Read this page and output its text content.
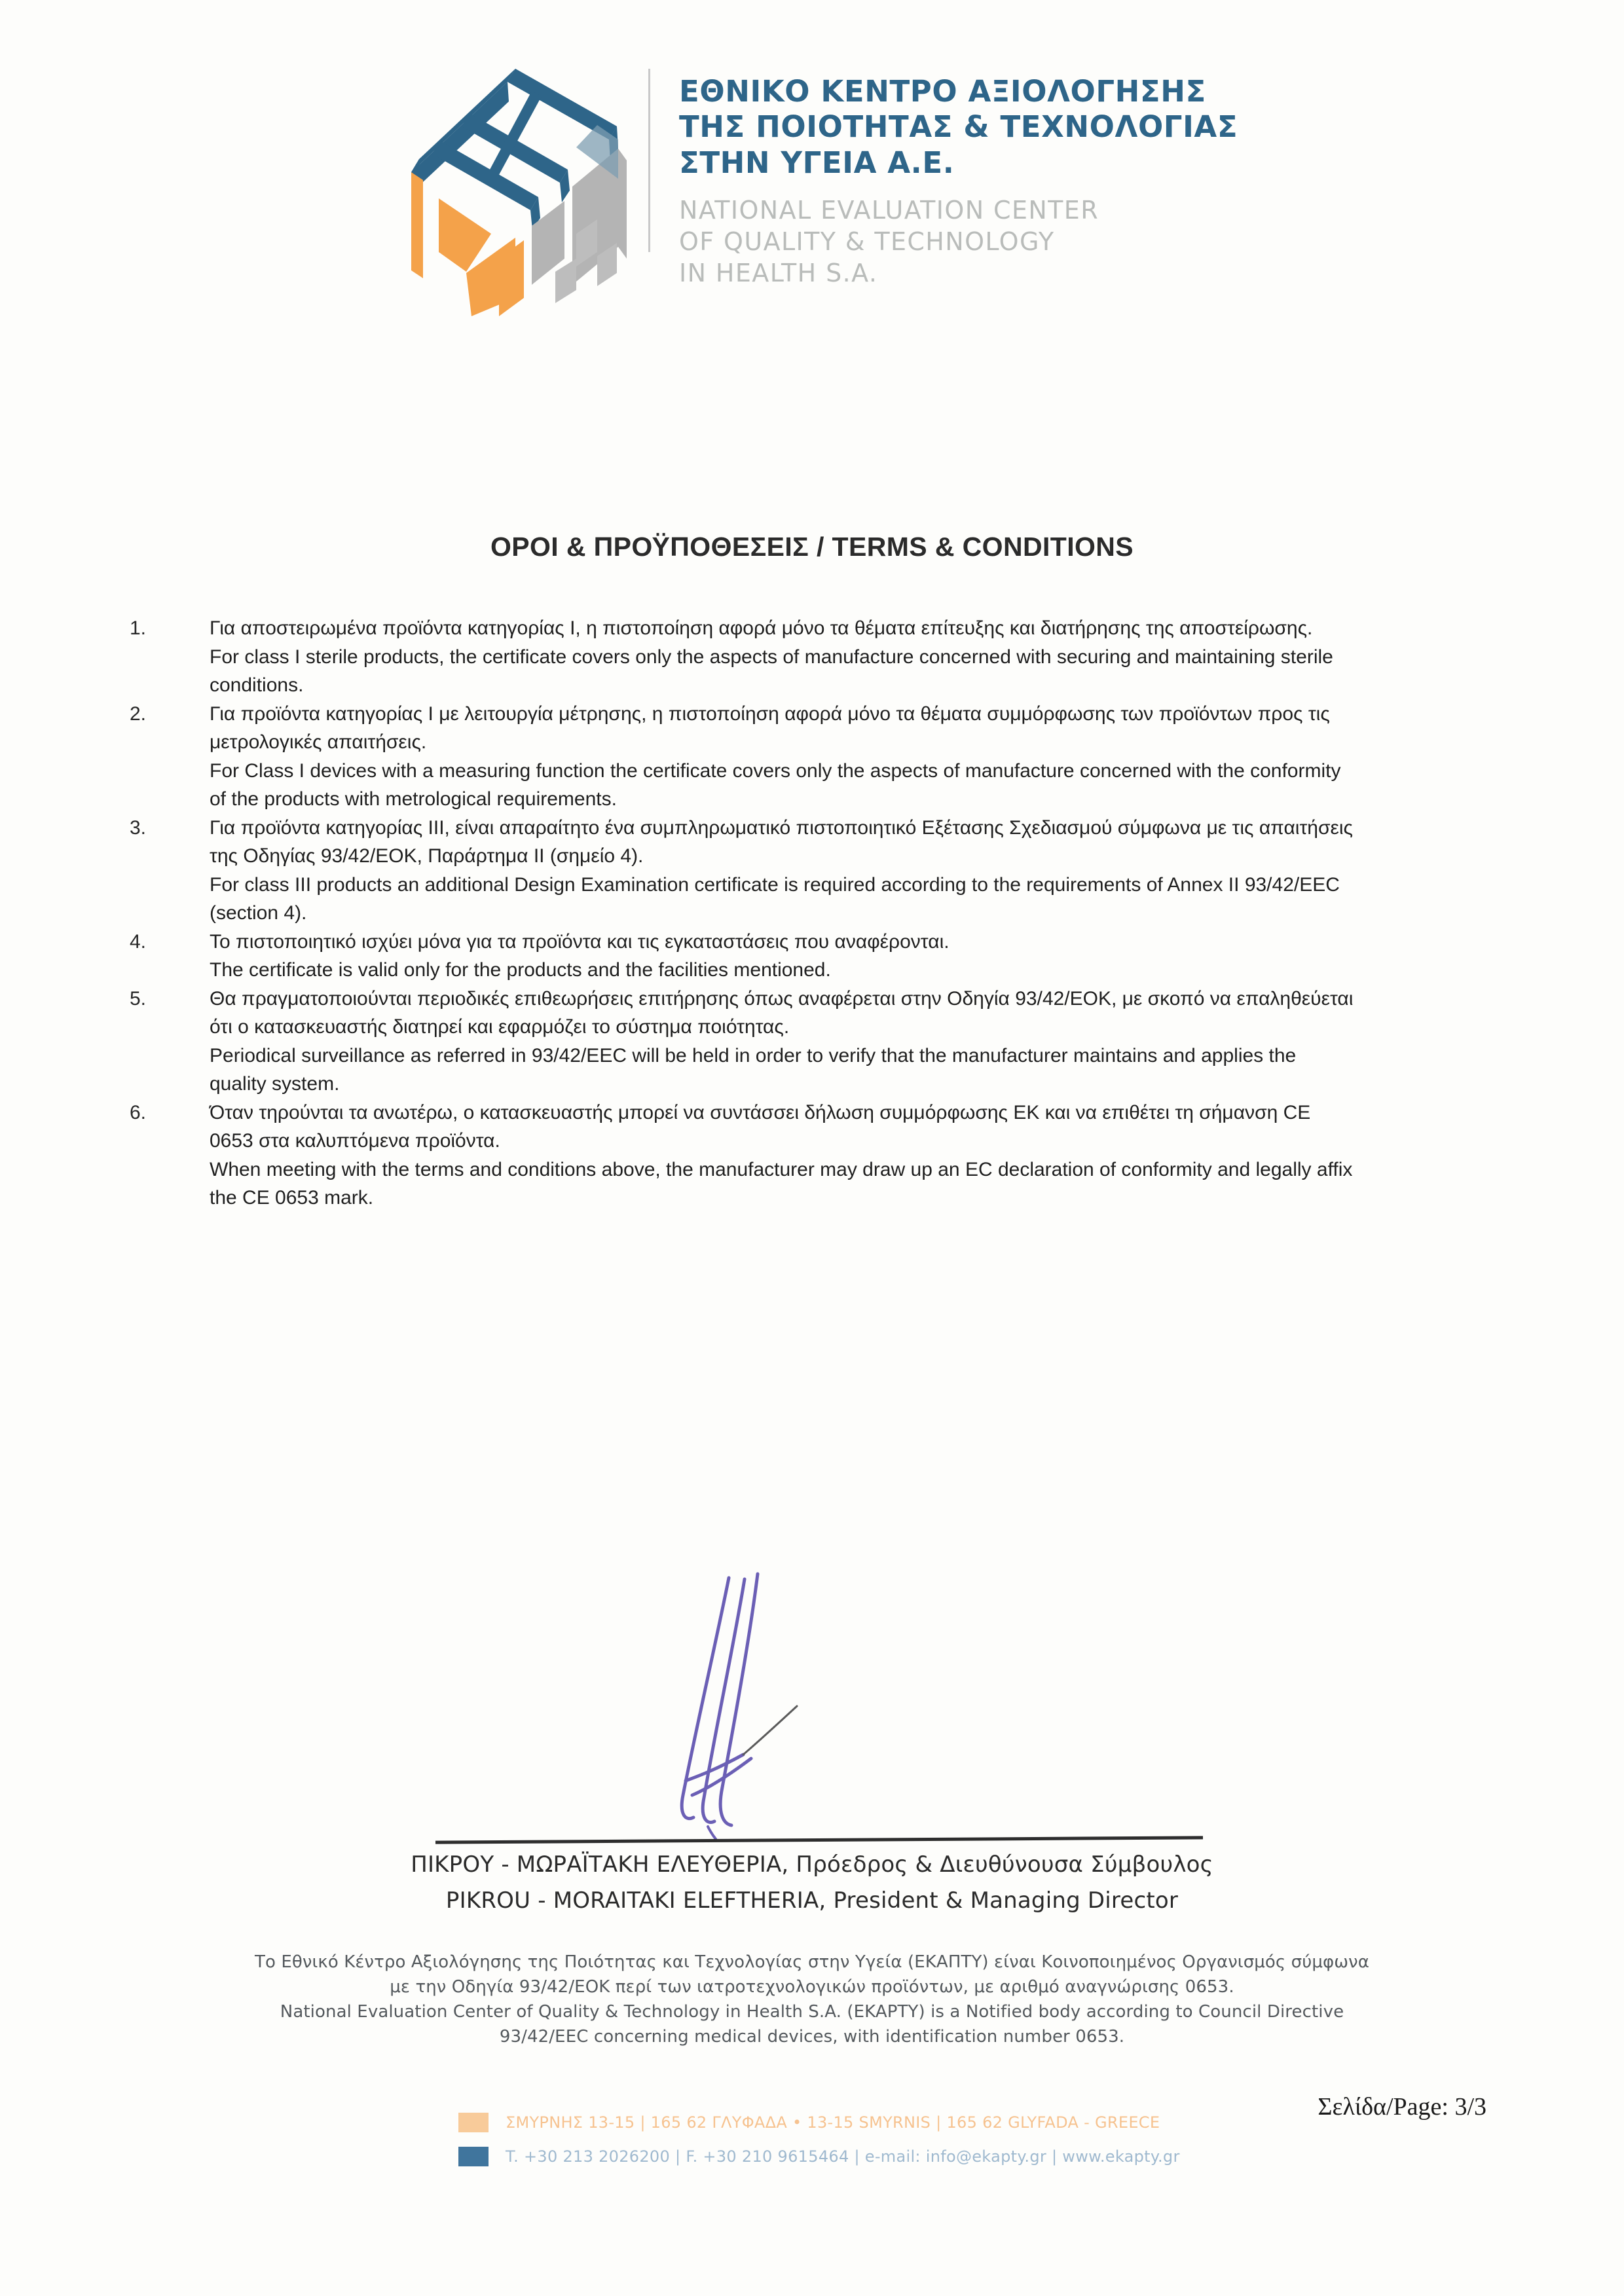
ΕΘΝΙΚΟ ΚΕΝΤΡΟ ΑΞΙΟΛΟΓΗΣΗΣ
ΤΗΣ ΠΟΙΟΤΗΤΑΣ & ΤΕΧΝΟΛΟΓΙΑΣ
ΣΤΗΝ ΥΓΕΙΑ Α.Ε.
NATIONAL EVALUATION CENTER
OF QUALITY & TECHNOLOGY
IN HEALTH S.A.
ΟΡΟΙ & ΠΡΟΫΠΟΘΕΣΕΙΣ / TERMS & CONDITIONS
1.	Για αποστειρωμένα προϊόντα κατηγορίας Ι, η πιστοποίηση αφορά μόνο τα θέματα επίτευξης και διατήρησης της αποστείρωσης.
For class I sterile products, the certificate covers only the aspects of manufacture concerned with securing and maintaining sterile
conditions.
2.	Για προϊόντα κατηγορίας Ι με λειτουργία μέτρησης, η πιστοποίηση αφορά μόνο τα θέματα συμμόρφωσης των προϊόντων προς τις
μετρολογικές απαιτήσεις.
For Class I devices with a measuring function the certificate covers only the aspects of manufacture concerned with the conformity
of the products with metrological requirements.
3.	Για προϊόντα κατηγορίας ΙΙΙ, είναι απαραίτητο ένα συμπληρωματικό πιστοποιητικό Εξέτασης Σχεδιασμού σύμφωνα με τις απαιτήσεις
της Οδηγίας 93/42/ΕΟΚ, Παράρτημα ΙΙ (σημείο 4).
For class III products an additional Design Examination certificate is required according to the requirements of Annex II 93/42/EEC
(section 4).
4.	Το πιστοποιητικό ισχύει μόνα για τα προϊόντα και τις εγκαταστάσεις που αναφέρονται.
The certificate is valid only for the products and the facilities mentioned.
5.	Θα πραγματοποιούνται περιοδικές επιθεωρήσεις επιτήρησης όπως αναφέρεται στην Οδηγία 93/42/ΕΟΚ, με σκοπό να επαληθεύεται
ότι ο κατασκευαστής διατηρεί και εφαρμόζει το σύστημα ποιότητας.
Periodical surveillance as referred in 93/42/EEC will be held in order to verify that the manufacturer maintains and applies the
quality system.
6.	Όταν τηρούνται τα ανωτέρω, ο κατασκευαστής μπορεί να συντάσσει δήλωση συμμόρφωσης ΕΚ και να επιθέτει τη σήμανση CE
0653 στα καλυπτόμενα προϊόντα.
When meeting with the terms and conditions above, the manufacturer may draw up an EC declaration of conformity and legally affix
the CE 0653 mark.
ΠΙΚΡΟΥ - ΜΩΡΑΪΤΑΚΗ ΕΛΕΥΘΕΡΙΑ, Πρόεδρος & Διευθύνουσα Σύμβουλος
PIKROU - MORAITAKI ELEFTHERIA, President & Managing Director
Το Εθνικό Κέντρο Αξιολόγησης της Ποιότητας και Τεχνολογίας στην Υγεία (ΕΚΑΠΤΥ) είναι Κοινοποιημένος Οργανισμός σύμφωνα
με την Οδηγία 93/42/ΕΟΚ περί των ιατροτεχνολογικών προϊόντων, με αριθμό αναγνώρισης 0653.
National Evaluation Center of Quality & Technology in Health S.A. (EKAPTY) is a Notified body according to Council Directive
93/42/EEC concerning medical devices, with identification number 0653.
ΣΜΥΡΝΗΣ 13-15 | 165 62 ΓΛΥΦΑΔΑ • 13-15 SMYRNIS | 165 62 GLYFADA - GREECE
T. +30 213 2026200 | F. +30 210 9615464 | e-mail: info@ekapty.gr | www.ekapty.gr
Σελίδα/Page: 3/3
